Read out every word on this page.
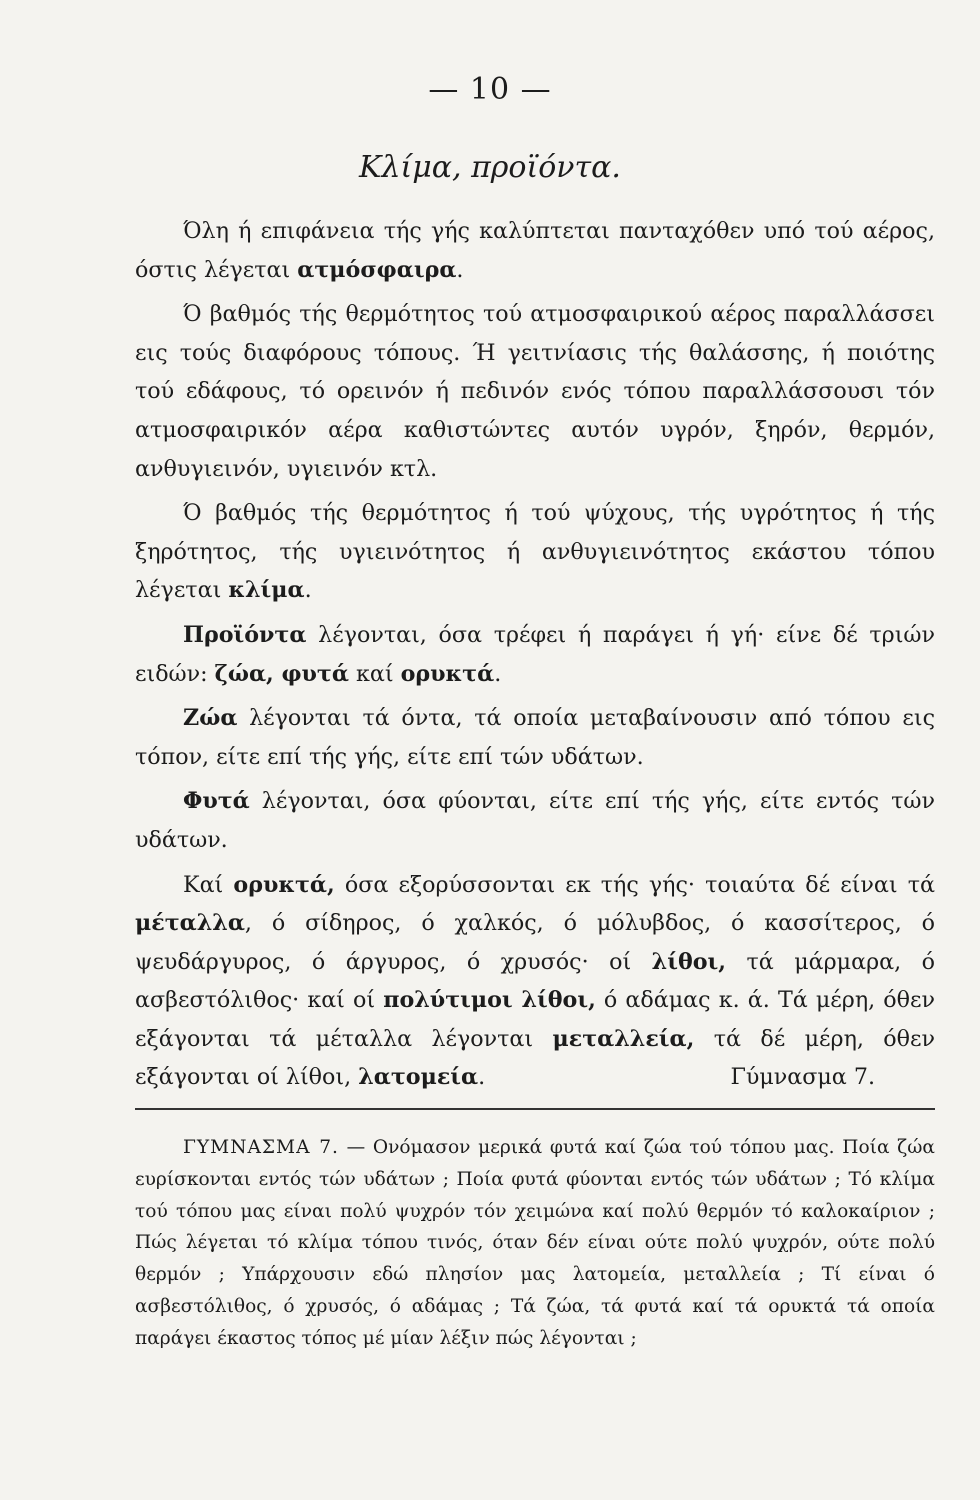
— 10 —
Κλίμα, προϊόντα.

Όλη ή επιφάνεια τής γής καλύπτεται πανταχόθεν υπό τού αέρος, όστις λέγεται ατμόσφαιρα.

Ό βαθμός τής θερμότητος τού ατμοσφαιρικού αέρος παραλλάσσει εις τούς διαφόρους τόπους. Ή γειτνίασις τής θαλάσσης, ή ποιότης τού εδάφους, τό ορεινόν ή πεδινόν ενός τόπου παραλλάσσουσι τόν ατμοσφαιρικόν αέρα καθιστώντες αυτόν υγρόν, ξηρόν, θερμόν, ανθυγιεινόν, υγιεινόν κτλ.

Ό βαθμός τής θερμότητος ή τού ψύχους, τής υγρότητος ή τής ξηρότητος, τής υγιεινότητος ή ανθυγιεινότητος εκάστου τόπου λέγεται κλίμα.

Προϊόντα λέγονται, όσα τρέφει ή παράγει ή γή· είνε δέ τριών ειδών: ζώα, φυτά καί ορυκτά.

Ζώα λέγονται τά όντα, τά οποία μεταβαίνουσιν από τόπου εις τόπον, είτε επί τής γής, είτε επί τών υδάτων.

Φυτά λέγονται, όσα φύονται, είτε επί τής γής, είτε εντός τών υδάτων.

Καί ορυκτά, όσα εξορύσσονται εκ τής γής· τοιαύτα δέ είναι τά μέταλλα, ό σίδηρος, ό χαλκός, ό μόλυβδος, ό κασσίτερος, ό ψευδάργυρος, ό άργυρος, ό χρυσός· οί λίθοι, τά μάρμαρα, ό ασβεστόλιθος· καί οί πολύτιμοι λίθοι, ό αδάμας κ. ά. Τά μέρη, όθεν εξάγονται τά μέταλλα λέγονται μεταλλεία, τά δέ μέρη, όθεν εξάγονται οί λίθοι, λατομεία.	Γύμνασμα 7.

ΓΥΜΝΑΣΜΑ 7. — Ονόμασον μερικά φυτά καί ζώα τού τόπου μας. Ποία ζώα ευρίσκονται εντός τών υδάτων ; Ποία φυτά φύονται εντός τών υδάτων ; Τό κλίμα τού τόπου μας είναι πολύ ψυχρόν τόν χειμώνα καί πολύ θερμόν τό καλοκαίριον ; Πώς λέγεται τό κλίμα τόπου τινός, όταν δέν είναι ούτε πολύ ψυχρόν, ούτε πολύ θερμόν ; Υπάρχουσιν εδώ πλησίον μας λατομεία, μεταλλεία ; Τί είναι ό ασβεστόλιθος, ό χρυσός, ό αδάμας ; Τά ζώα, τά φυτά καί τά ορυκτά τά οποία παράγει έκαστος τόπος μέ μίαν λέξιν πώς λέγονται ;
